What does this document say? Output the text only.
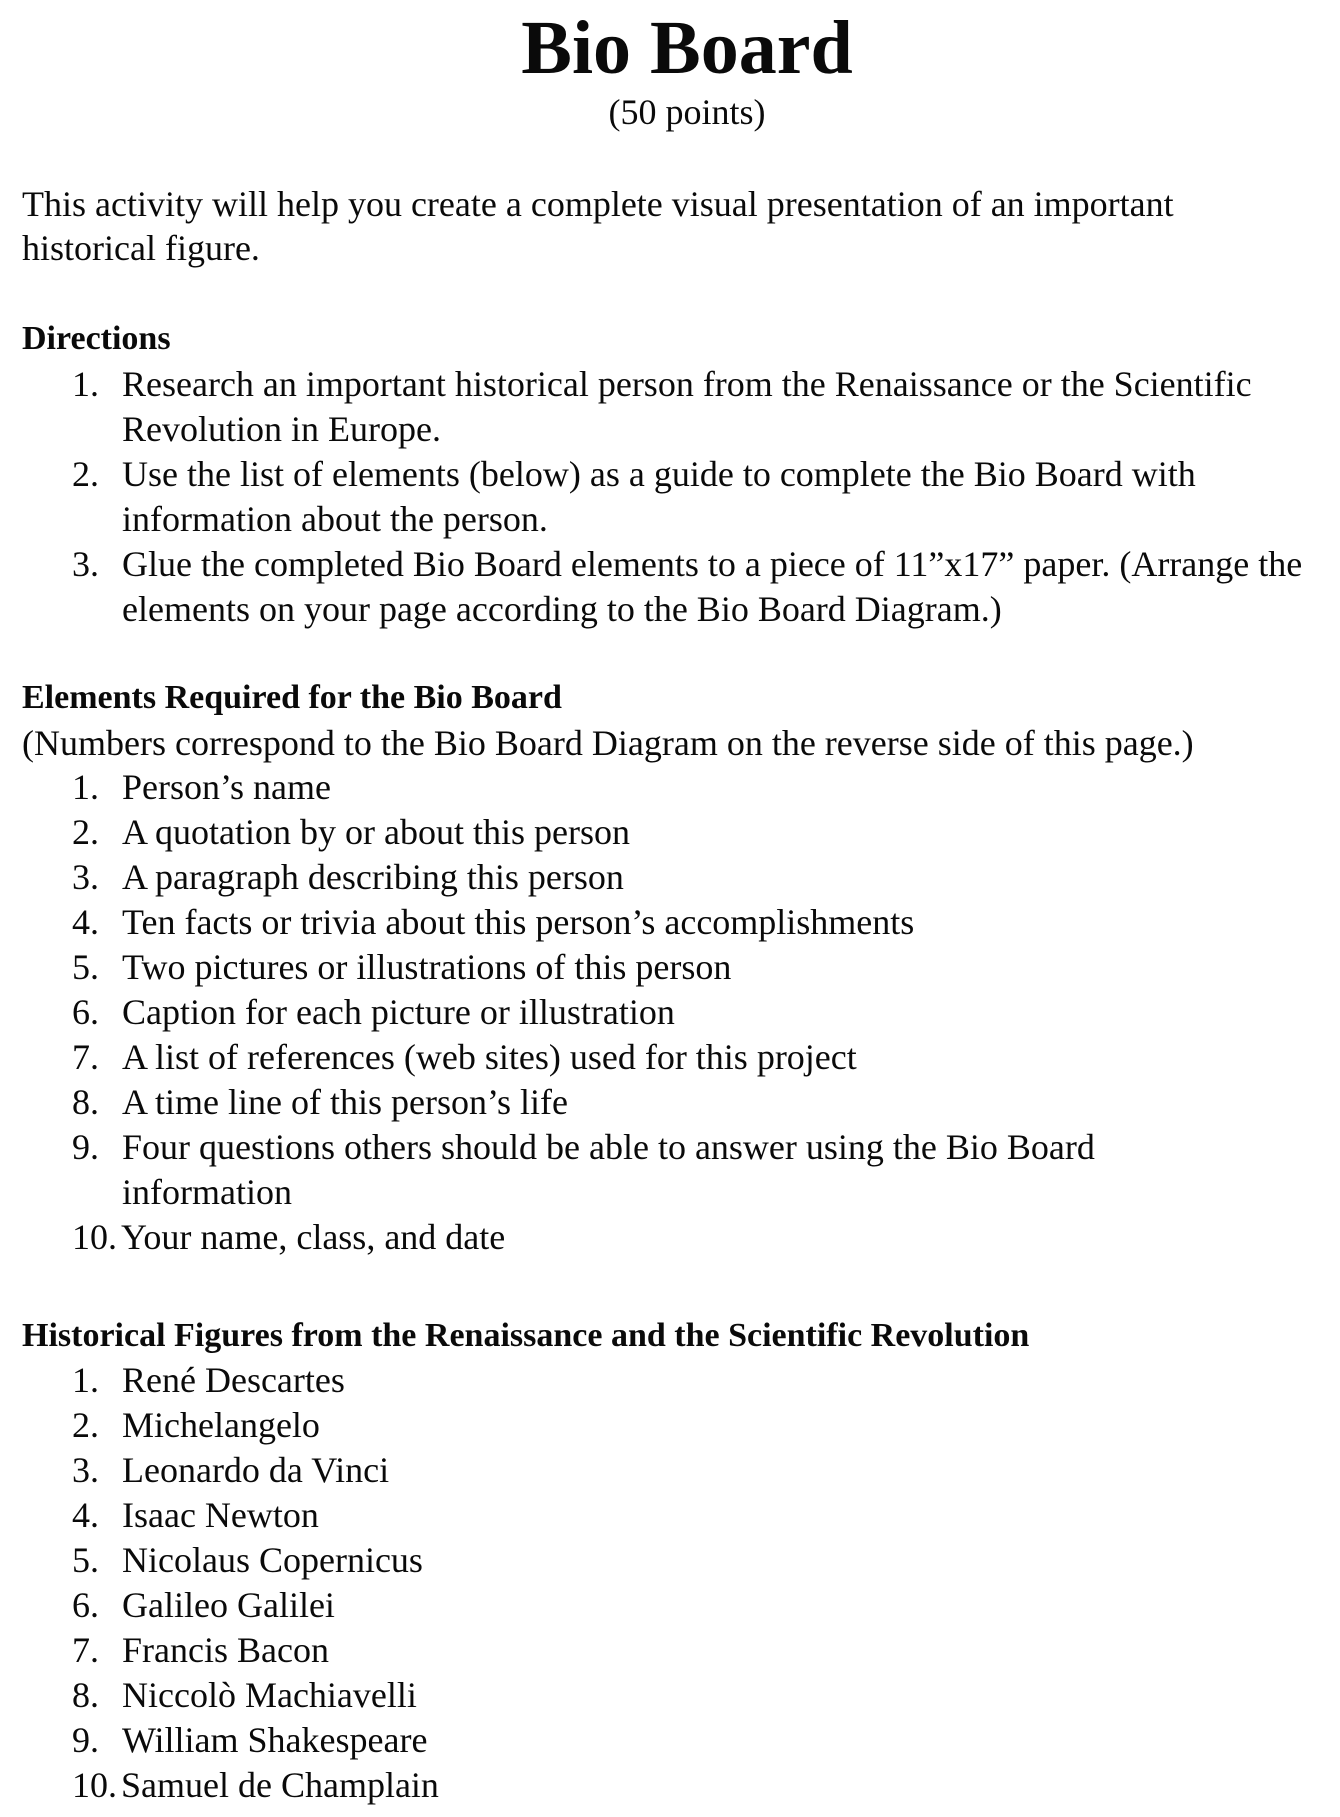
Bio Board
(50 points)
This activity will help you create a complete visual presentation of an important historical figure.
Directions
1. Research an important historical person from the Renaissance or the Scientific Revolution in Europe.
2. Use the list of elements (below) as a guide to complete the Bio Board with information about the person.
3. Glue the completed Bio Board elements to a piece of 11”x17” paper. (Arrange the elements on your page according to the Bio Board Diagram.)
Elements Required for the Bio Board
(Numbers correspond to the Bio Board Diagram on the reverse side of this page.)
1. Person’s name
2. A quotation by or about this person
3. A paragraph describing this person
4. Ten facts or trivia about this person’s accomplishments
5. Two pictures or illustrations of this person
6. Caption for each picture or illustration
7. A list of references (web sites) used for this project
8. A time line of this person’s life
9. Four questions others should be able to answer using the Bio Board information
10. Your name, class, and date
Historical Figures from the Renaissance and the Scientific Revolution
1. René Descartes
2. Michelangelo
3. Leonardo da Vinci
4. Isaac Newton
5. Nicolaus Copernicus
6. Galileo Galilei
7. Francis Bacon
8. Niccolò Machiavelli
9. William Shakespeare
10. Samuel de Champlain
